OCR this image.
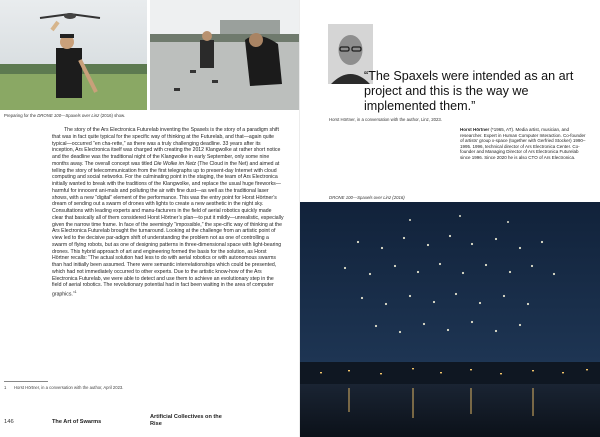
Preparing for the DRONE 100—Spaxels over Linz (2016) show.

The story of the Ars Electronica Futurelab inventing the Spaxels is the story of a paradigm shift that was in fact quite typical for the specific way of thinking at the Futurelab, and that—again quite typical—occurred “en cha-rette,” as there was a truly challenging deadline. 33 years after its inception, Ars Electronica itself was charged with creating the 2012 Klangwolke at rather short notice and the deadline was the traditional night of the Klangwolke in early September, only some nine months away. The overall concept was titled Die Wolke im Netz (The Cloud in the Net) and aimed at telling the story of telecommunication from the first telegraphs up to present-day Internet with cloud computing and social networks. For the culminating point in the staging, the team of Ars Electronica initially wanted to break with the traditions of the Klangwolke, and replace the usual huge fireworks—harmful for innocent ani-mals and polluting the air with fine dust—as well as the traditional laser shows, with a new “digital” element of the performance. This was the entry point for Horst Hörtner’s dream of sending out a swarm of drones with lights to create a new aesthetic in the night sky. Consultations with leading experts and manu-facturers in the field of aerial robotics quickly made clear that basically all of them considered Horst Hörtner’s plan—to put it mildly—unrealistic, especially given the narrow time frame. In face of the seemingly “impossible,” the spe-cific way of thinking at the Ars Electronica Futurelab brought the turnaround. Looking at the challenge from an artistic point of view led to the decisive par-adigm shift of understanding the problem not as one of controlling a swarm of flying robots, but as one of designing patterns in three-dimensional space with light-bearing drones. This hybrid approach of art and engineering formed the basis for the solution, as Horst Hörtner recalls: “The actual solution had less to do with aerial robotics or with autonomous swarms than had initially been assumed. There were semantic interrelationships which could be presented, which had not immediately occurred to other experts. Due to the artistic know-how of the Ars Electronica Futurelab, we were able to detect and use them to achieve an evolutionary step in the field of aerial robotics. The revolutionary potential had in fact been waiting in the area of computer graphics.”$^1$

1 Horst Hörtner, in a conversation with the author, April 2023.
146	The Art of Swarms
Artificial Collectives on the Rise
“The Spaxels were intended as an art project and this is the way we implemented them.”
Horst Hörtner, in a conversation with the author, Linz, 2023.
Horst Hörtner (*1965, AT). Media artist, musician, and researcher. Expert in Human Computer Interaction. Co-founder of artists’ group x-space (together with Gerfried Stocker) 1990–1995. 1996, technical director of Ars Electronica Center. Co-founder and Managing Director of Ars Electronica Futurelab since 1996. Since 2020 he is also CTO of Ars Electronica.
DRONE 100—Spaxels over Linz (2016)
